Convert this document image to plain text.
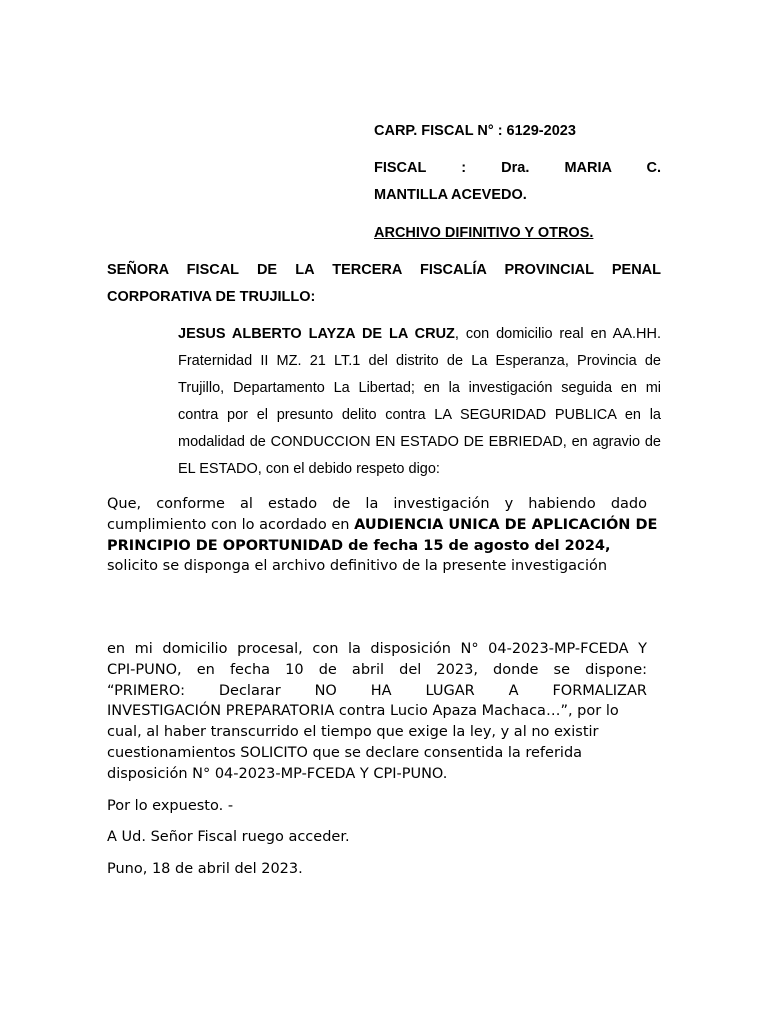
CARP. FISCAL N° : 6129-2023
FISCAL : Dra. MARIA C.
MANTILLA ACEVEDO.
ARCHIVO DIFINITIVO Y OTROS.
SEÑORA FISCAL DE LA TERCERA FISCALÍA PROVINCIAL PENAL CORPORATIVA DE TRUJILLO:
JESUS ALBERTO LAYZA DE LA CRUZ, con domicilio real en AA.HH. Fraternidad II MZ. 21 LT.1 del distrito de La Esperanza, Provincia de Trujillo, Departamento La Libertad; en la investigación seguida en mi contra por el presunto delito contra LA SEGURIDAD PUBLICA en la modalidad de CONDUCCION EN ESTADO DE EBRIEDAD, en agravio de EL ESTADO, con el debido respeto digo:
Que, conforme al estado de la investigación y habiendo dado
cumplimiento con lo acordado en AUDIENCIA UNICA DE APLICACIÓN DE PRINCIPIO DE OPORTUNIDAD de fecha 15 de agosto del 2024, solicito se disponga el archivo definitivo de la presente investigación
en mi domicilio procesal, con la disposición N° 04-2023-MP-FCEDA Y
CPI-PUNO, en fecha 10 de abril del 2023, donde se dispone:
“PRIMERO: Declarar NO HA LUGAR A FORMALIZAR
INVESTIGACIÓN PREPARATORIA contra Lucio Apaza Machaca…”, por lo
cual, al haber transcurrido el tiempo que exige la ley, y al no existir
cuestionamientos SOLICITO que se declare consentida la referida
disposición N° 04-2023-MP-FCEDA Y CPI-PUNO.
Por lo expuesto. -
A Ud. Señor Fiscal ruego acceder.
Puno, 18 de abril del 2023.
